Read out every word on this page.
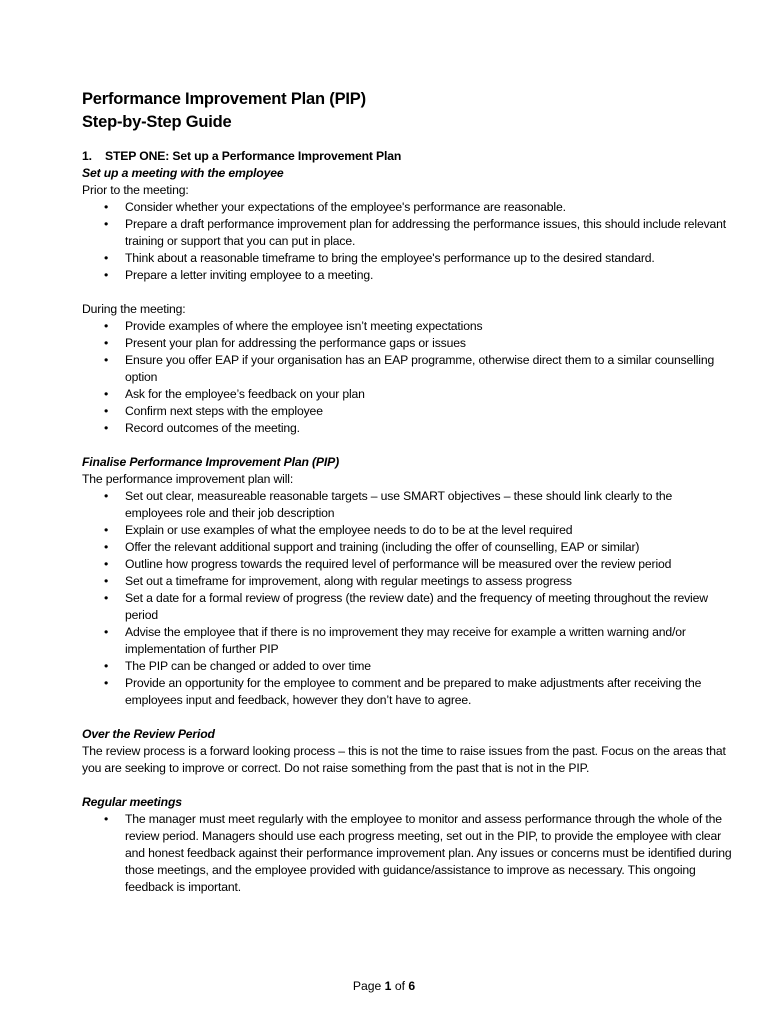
Performance Improvement Plan (PIP)
Step-by-Step Guide

1. STEP ONE: Set up a Performance Improvement Plan

Set up a meeting with the employee

Prior to the meeting:

• Consider whether your expectations of the employee's performance are reasonable.
• Prepare a draft performance improvement plan for addressing the performance issues, this should include relevant training or support that you can put in place.
• Think about a reasonable timeframe to bring the employee's performance up to the desired standard.
• Prepare a letter inviting employee to a meeting.

During the meeting:

• Provide examples of where the employee isn’t meeting expectations
• Present your plan for addressing the performance gaps or issues
• Ensure you offer EAP if your organisation has an EAP programme, otherwise direct them to a similar counselling option
• Ask for the employee’s feedback on your plan
• Confirm next steps with the employee
• Record outcomes of the meeting.

Finalise Performance Improvement Plan (PIP)

The performance improvement plan will:

• Set out clear, measureable reasonable targets – use SMART objectives – these should link clearly to the employees role and their job description
• Explain or use examples of what the employee needs to do to be at the level required
• Offer the relevant additional support and training (including the offer of counselling, EAP or similar)
• Outline how progress towards the required level of performance will be measured over the review period
• Set out a timeframe for improvement, along with regular meetings to assess progress
• Set a date for a formal review of progress (the review date) and the frequency of meeting throughout the review period
• Advise the employee that if there is no improvement they may receive for example a written warning and/or implementation of further PIP
• The PIP can be changed or added to over time
• Provide an opportunity for the employee to comment and be prepared to make adjustments after receiving the employees input and feedback, however they don’t have to agree.

Over the Review Period

The review process is a forward looking process – this is not the time to raise issues from the past. Focus on the areas that you are seeking to improve or correct. Do not raise something from the past that is not in the PIP.

Regular meetings

• The manager must meet regularly with the employee to monitor and assess performance through the whole of the review period. Managers should use each progress meeting, set out in the PIP, to provide the employee with clear and honest feedback against their performance improvement plan. Any issues or concerns must be identified during those meetings, and the employee provided with guidance/assistance to improve as necessary. This ongoing feedback is important.
Page 1 of 6
